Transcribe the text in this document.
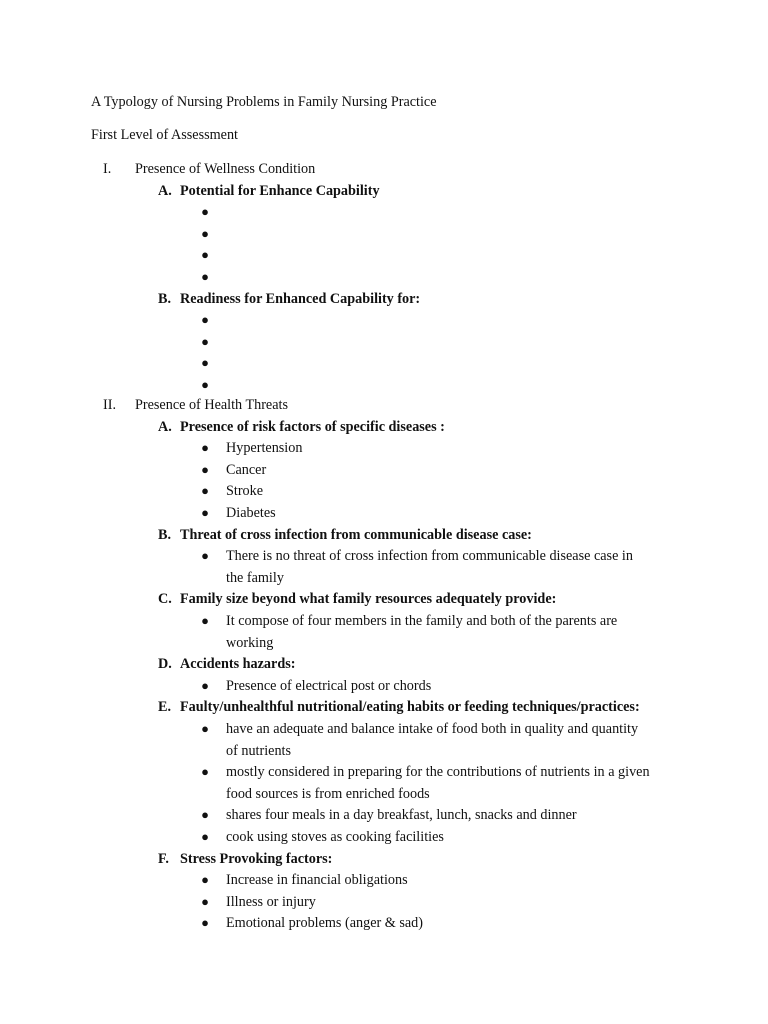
A Typology of Nursing Problems in Family Nursing Practice
First Level of Assessment
I. Presence of Wellness Condition
A. Potential for Enhance Capability
●
●
●
●
B. Readiness for Enhanced Capability for:
●
●
●
●
II. Presence of Health Threats
A. Presence of risk factors of specific diseases :
● Hypertension
● Cancer
● Stroke
● Diabetes
B. Threat of cross infection from communicable disease case:
● There is no threat of cross infection from communicable disease case in
the family
C. Family size beyond what family resources adequately provide:
● It compose of four members in the family and both of the parents are
working
D. Accidents hazards:
● Presence of electrical post or chords
E. Faulty/unhealthful nutritional/eating habits or feeding techniques/practices:
● have an adequate and balance intake of food both in quality and quantity
of nutrients
● mostly considered in preparing for the contributions of nutrients in a given
food sources is from enriched foods
● shares four meals in a day breakfast, lunch, snacks and dinner
● cook using stoves as cooking facilities
F. Stress Provoking factors:
● Increase in financial obligations
● Illness or injury
● Emotional problems (anger & sad)
